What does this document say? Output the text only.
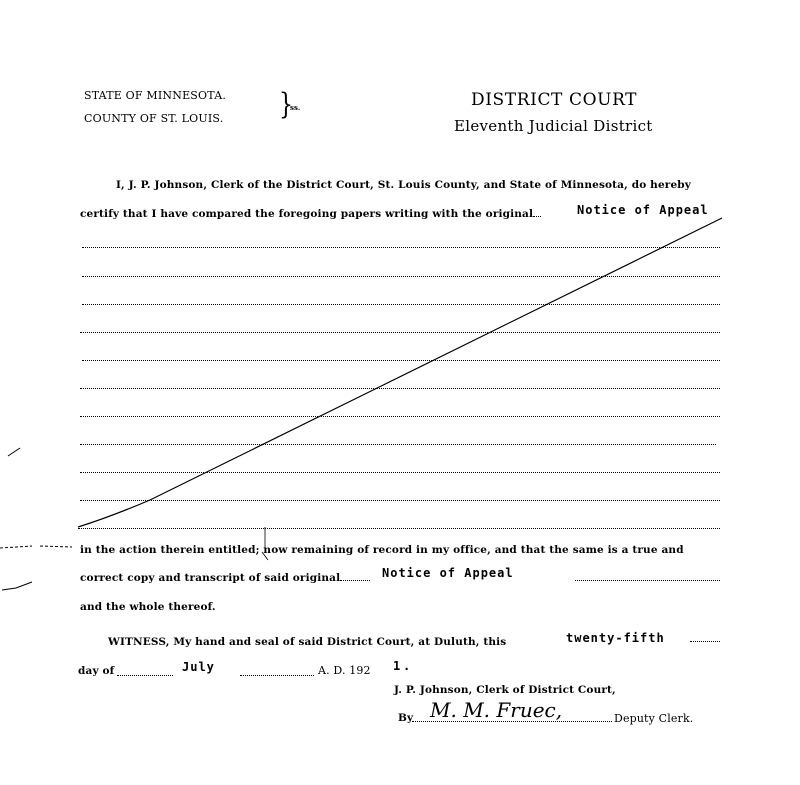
STATE OF MINNESOTA.
COUNTY OF ST. LOUIS.	}
ss.	DISTRICT COURT
Eleventh Judicial District
I, J. P. Johnson, Clerk of the District Court, St. Louis County, and State of Minnesota, do hereby
certify that I have compared the foregoing papers writing with the original	Notice of Appeal
in the action therein entitled; now remaining of record in my office, and that the same is a true and
correct copy and transcript of said original	Notice of Appeal
and the whole thereof.
WITNESS, My hand and seal of said District Court, at Duluth, this	twenty-fifth
day of	July	A. D. 192 1 .
J. P. Johnson, Clerk of District Court,
By M. M. Fruec,	Deputy Clerk.
